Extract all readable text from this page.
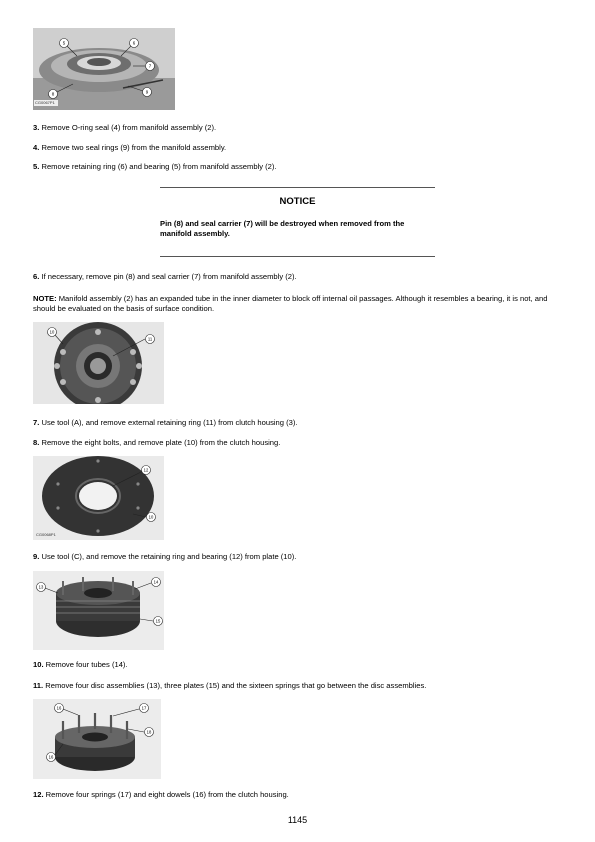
5	6
7
8	9
CG0067P1
3. Remove O-ring seal (4) from manifold assembly (2).
4. Remove two seal rings (9) from the manifold assembly.
5. Remove retaining ring (6) and bearing (5) from manifold assembly (2).
NOTICE
Pin (8) and seal carrier (7) will be destroyed when removed from the manifold assembly.
6. If necessary, remove pin (8) and seal carrier (7) from manifold assembly (2).
NOTE: Manifold assembly (2) has an expanded tube in the inner diameter to block off internal oil passages. Although it resembles a bearing, it is not, and should be evaluated on the basis of surface condition.
10
11
7. Use tool (A), and remove external retaining ring (11) from clutch housing (3).
8. Remove the eight bolts, and remove plate (10) from the clutch housing.
12
10
CG0068P1
9. Use tool (C), and remove the retaining ring and bearing (12) from plate (10).
13
14
15
10. Remove four tubes (14).
11. Remove four disc assemblies (13), three plates (15) and the sixteen springs that go between the disc assemblies.
16	17
18
16
12. Remove four springs (17) and eight dowels (16) from the clutch housing.
1145
